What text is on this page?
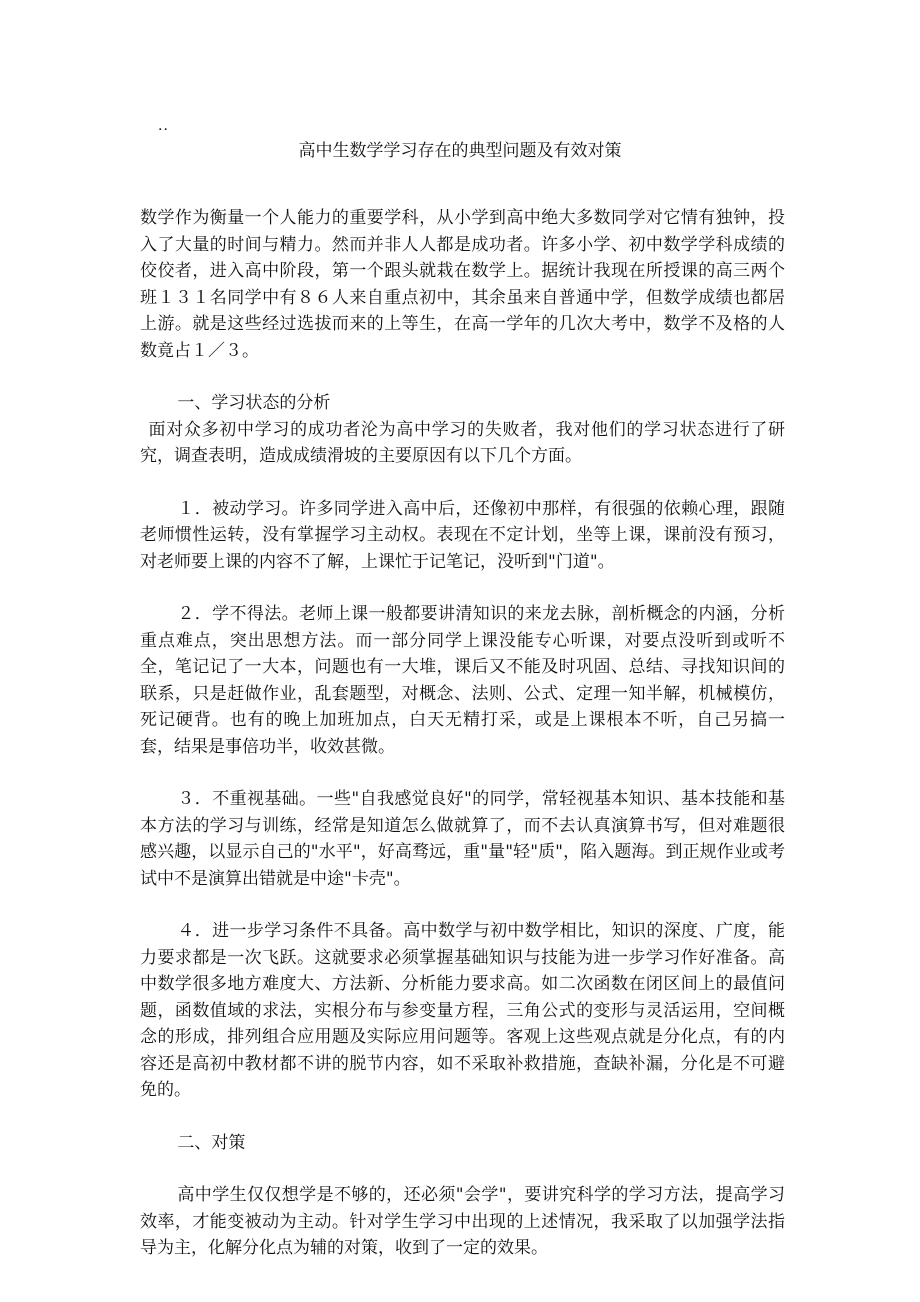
..
高中生数学学习存在的典型问题及有效对策

数学作为衡量一个人能力的重要学科，从小学到高中绝大多数同学对它情有独钟，投入了大量的时间与精力。然而并非人人都是成功者。许多小学、初中数学学科成绩的佼佼者，进入高中阶段，第一个跟头就栽在数学上。据统计我现在所授课的高三两个班１３１名同学中有８６人来自重点初中，其余虽来自普通中学，但数学成绩也都居上游。就是这些经过选拔而来的上等生，在高一学年的几次大考中，数学不及格的人数竟占１／３。

一、学习状态的分析

面对众多初中学习的成功者沦为高中学习的失败者，我对他们的学习状态进行了研究，调查表明，造成成绩滑坡的主要原因有以下几个方面。

１．被动学习。许多同学进入高中后，还像初中那样，有很强的依赖心理，跟随老师惯性运转，没有掌握学习主动权。表现在不定计划，坐等上课，课前没有预习，对老师要上课的内容不了解，上课忙于记笔记，没听到"门道"。

２．学不得法。老师上课一般都要讲清知识的来龙去脉，剖析概念的内涵，分析重点难点，突出思想方法。而一部分同学上课没能专心听课，对要点没听到或听不全，笔记记了一大本，问题也有一大堆，课后又不能及时巩固、总结、寻找知识间的联系，只是赶做作业，乱套题型，对概念、法则、公式、定理一知半解，机械模仿，死记硬背。也有的晚上加班加点，白天无精打采，或是上课根本不听，自己另搞一套，结果是事倍功半，收效甚微。

３．不重视基础。一些"自我感觉良好"的同学，常轻视基本知识、基本技能和基本方法的学习与训练，经常是知道怎么做就算了，而不去认真演算书写，但对难题很感兴趣，以显示自己的"水平"，好高骛远，重"量"轻"质"，陷入题海。到正规作业或考试中不是演算出错就是中途"卡壳"。

４．进一步学习条件不具备。高中数学与初中数学相比，知识的深度、广度，能力要求都是一次飞跃。这就要求必须掌握基础知识与技能为进一步学习作好准备。高中数学很多地方难度大、方法新、分析能力要求高。如二次函数在闭区间上的最值问题，函数值域的求法，实根分布与参变量方程，三角公式的变形与灵活运用，空间概念的形成，排列组合应用题及实际应用问题等。客观上这些观点就是分化点，有的内容还是高初中教材都不讲的脱节内容，如不采取补救措施，查缺补漏，分化是不可避免的。

二、对策

高中学生仅仅想学是不够的，还必须"会学"，要讲究科学的学习方法，提高学习效率，才能变被动为主动。针对学生学习中出现的上述情况，我采取了以加强学法指导为主，化解分化点为辅的对策，收到了一定的效果。
